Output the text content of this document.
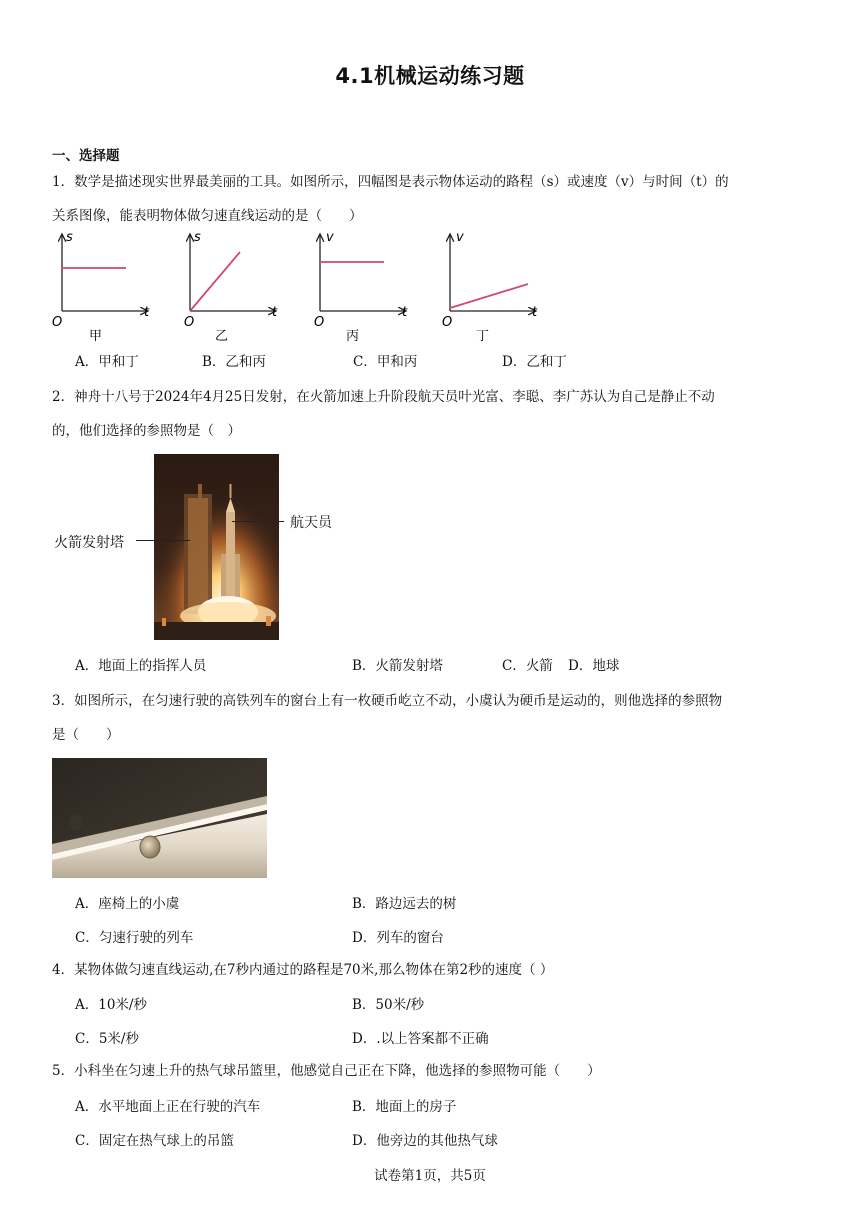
4.1机械运动练习题
一、选择题
1．数学是描述现实世界最美丽的工具。如图所示，四幅图是表示物体运动的路程（s）或速度（v）与时间（t）的
关系图像，能表明物体做匀速直线运动的是（　　）
s
t
O
甲
s
t
O
乙
v
t
O
丙
v
t
O
丁
A．甲和丁	B．乙和丙	C．甲和丙	D．乙和丁
2．神舟十八号于2024年4月25日发射，在火箭加速上升阶段航天员叶光富、李聪、李广苏认为自己是静止不动
的，他们选择的参照物是（　）
火箭发射塔
航天员
A．地面上的指挥人员	B．火箭发射塔	C．火箭 D．地球
3．如图所示，在匀速行驶的高铁列车的窗台上有一枚硬币屹立不动，小虞认为硬币是运动的，则他选择的参照物
是（　　）
A．座椅上的小虞	B．路边远去的树
C．匀速行驶的列车	D．列车的窗台
4．某物体做匀速直线运动,在7秒内通过的路程是70米,那么物体在第2秒的速度（ ）
A．10米/秒	B．50米/秒
C．5米/秒	D．.以上答案都不正确
5．小科坐在匀速上升的热气球吊篮里，他感觉自己正在下降，他选择的参照物可能（　　）
A．水平地面上正在行驶的汽车	B．地面上的房子
C．固定在热气球上的吊篮	D．他旁边的其他热气球
试卷第1页，共5页
